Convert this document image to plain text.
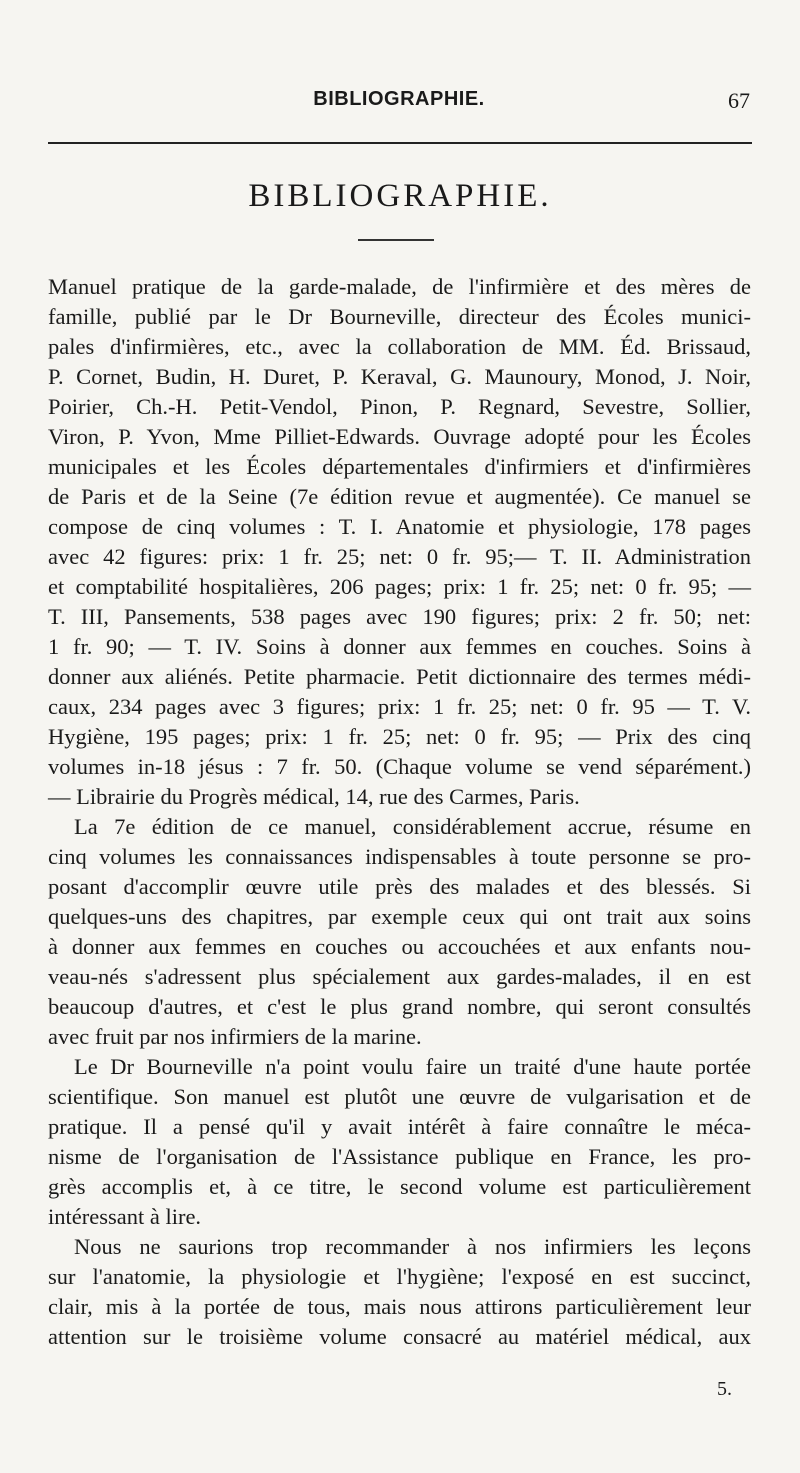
BIBLIOGRAPHIE.	67
BIBLIOGRAPHIE.
Manuel pratique de la garde-malade, de l'infirmière et des mères de
famille, publié par le Dr Bourneville, directeur des Écoles munici-
pales d'infirmières, etc., avec la collaboration de MM. Éd. Brissaud,
P. Cornet, Budin, H. Duret, P. Keraval, G. Maunoury, Monod, J. Noir,
Poirier, Ch.-H. Petit-Vendol, Pinon, P. Regnard, Sevestre, Sollier,
Viron, P. Yvon, Mme Pilliet-Edwards. Ouvrage adopté pour les Écoles
municipales et les Écoles départementales d'infirmiers et d'infirmières
de Paris et de la Seine (7e édition revue et augmentée). Ce manuel se
compose de cinq volumes : T. I. Anatomie et physiologie, 178 pages
avec 42 figures: prix: 1 fr. 25; net: 0 fr. 95;— T. II. Administration
et comptabilité hospitalières, 206 pages; prix: 1 fr. 25; net: 0 fr. 95; —
T. III, Pansements, 538 pages avec 190 figures; prix: 2 fr. 50; net:
1 fr. 90; — T. IV. Soins à donner aux femmes en couches. Soins à
donner aux aliénés. Petite pharmacie. Petit dictionnaire des termes médi-
caux, 234 pages avec 3 figures; prix: 1 fr. 25; net: 0 fr. 95 — T. V.
Hygiène, 195 pages; prix: 1 fr. 25; net: 0 fr. 95; — Prix des cinq
volumes in-18 jésus : 7 fr. 50. (Chaque volume se vend séparément.)
— Librairie du Progrès médical, 14, rue des Carmes, Paris.
La 7e édition de ce manuel, considérablement accrue, résume en
cinq volumes les connaissances indispensables à toute personne se pro-
posant d'accomplir œuvre utile près des malades et des blessés. Si
quelques-uns des chapitres, par exemple ceux qui ont trait aux soins
à donner aux femmes en couches ou accouchées et aux enfants nou-
veau-nés s'adressent plus spécialement aux gardes-malades, il en est
beaucoup d'autres, et c'est le plus grand nombre, qui seront consultés
avec fruit par nos infirmiers de la marine.
Le Dr Bourneville n'a point voulu faire un traité d'une haute portée
scientifique. Son manuel est plutôt une œuvre de vulgarisation et de
pratique. Il a pensé qu'il y avait intérêt à faire connaître le méca-
nisme de l'organisation de l'Assistance publique en France, les pro-
grès accomplis et, à ce titre, le second volume est particulièrement
intéressant à lire.
Nous ne saurions trop recommander à nos infirmiers les leçons
sur l'anatomie, la physiologie et l'hygiène; l'exposé en est succinct,
clair, mis à la portée de tous, mais nous attirons particulièrement leur
attention sur le troisième volume consacré au matériel médical, aux
5.
